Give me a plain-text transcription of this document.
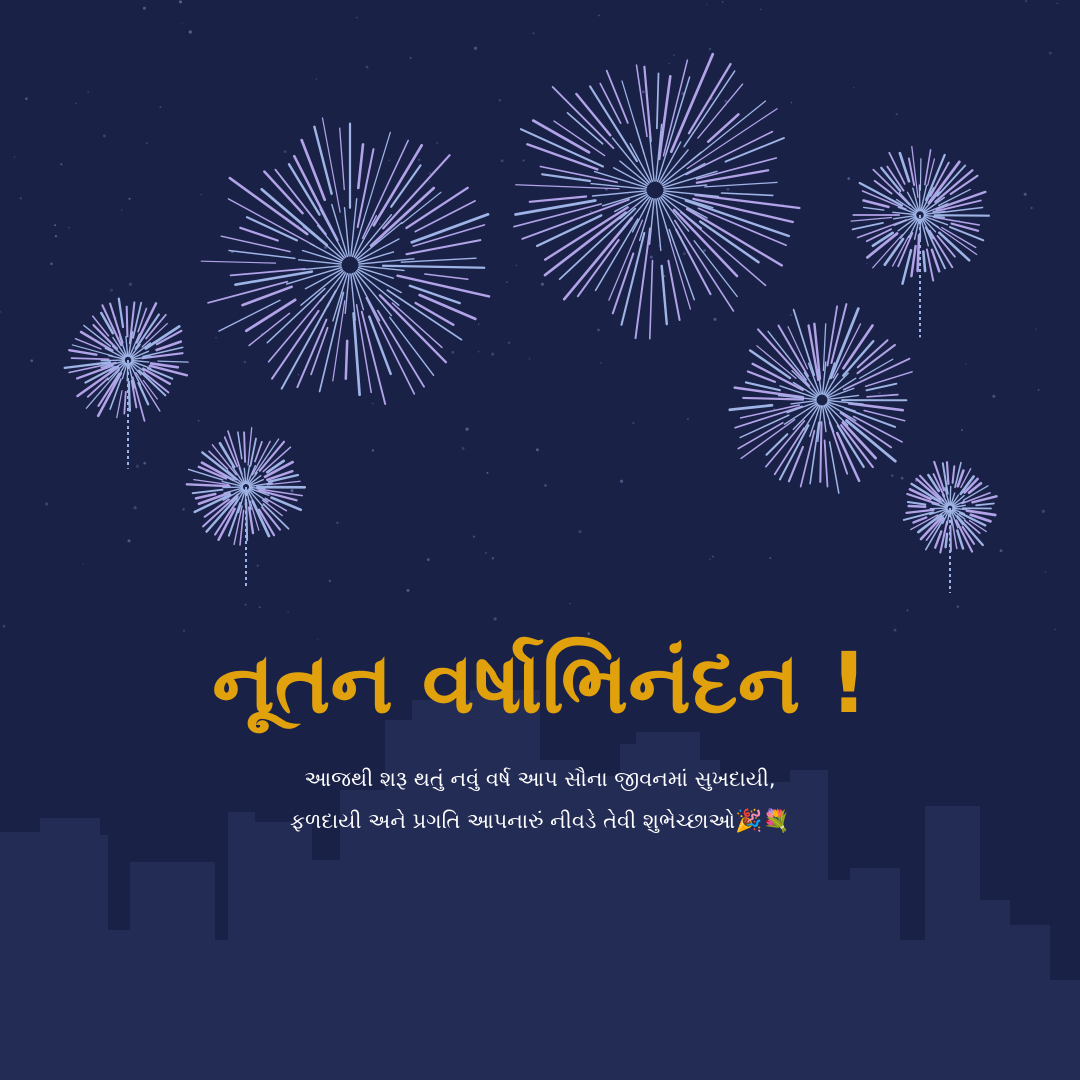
નૂતન વર્ષાભિનંદન !
આજથી શરૂ થતું નવું વર્ષ આપ સૌના જીવનમાં સુખદાયી,
ફળદાયી અને પ્રગતિ આપનારું નીવડે તેવી શુભેચ્છાઓ🎉💐
